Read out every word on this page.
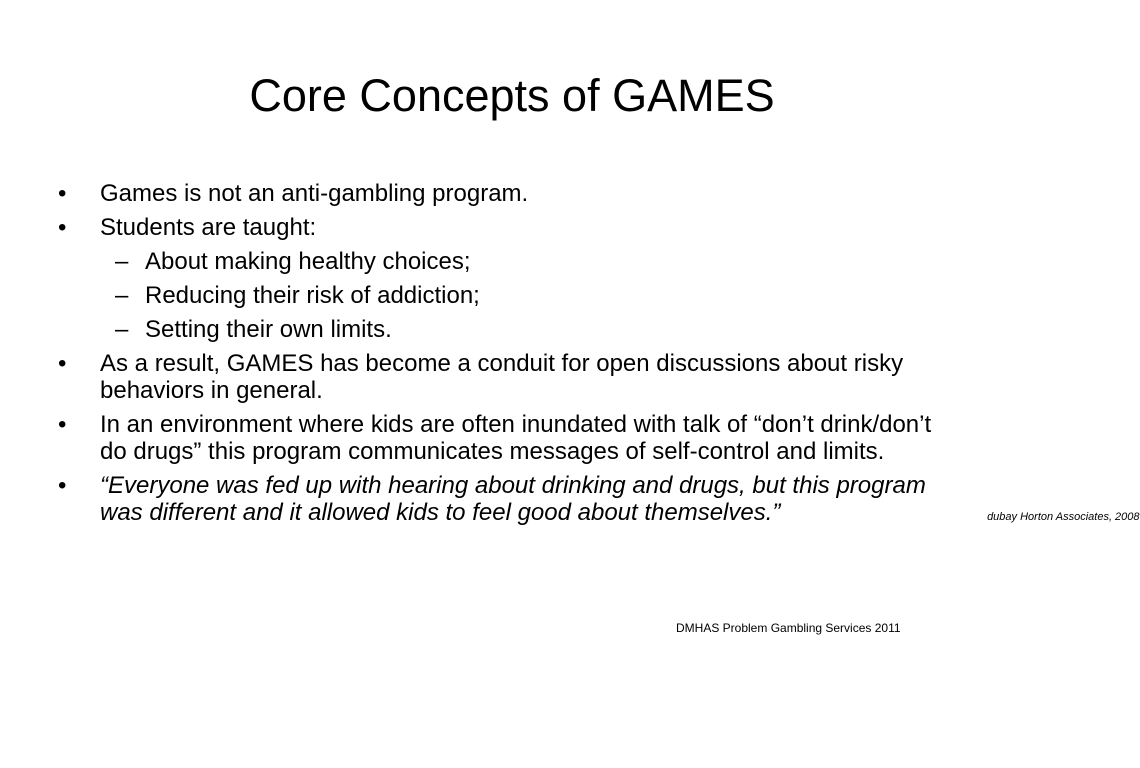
Core Concepts of GAMES
• Games is not an anti-gambling program.
• Students are taught:
– About making healthy choices;
– Reducing their risk of addiction;
– Setting their own limits.
• As a result, GAMES has become a conduit for open discussions about risky behaviors in general.
• In an environment where kids are often inundated with talk of “don’t drink/don’t do drugs” this program communicates messages of self-control and limits.
• “Everyone was fed up with hearing about drinking and drugs, but this program was different and it allowed kids to feel good about themselves.”	dubay Horton Associates, 2008
DMHAS Problem Gambling Services 2011
